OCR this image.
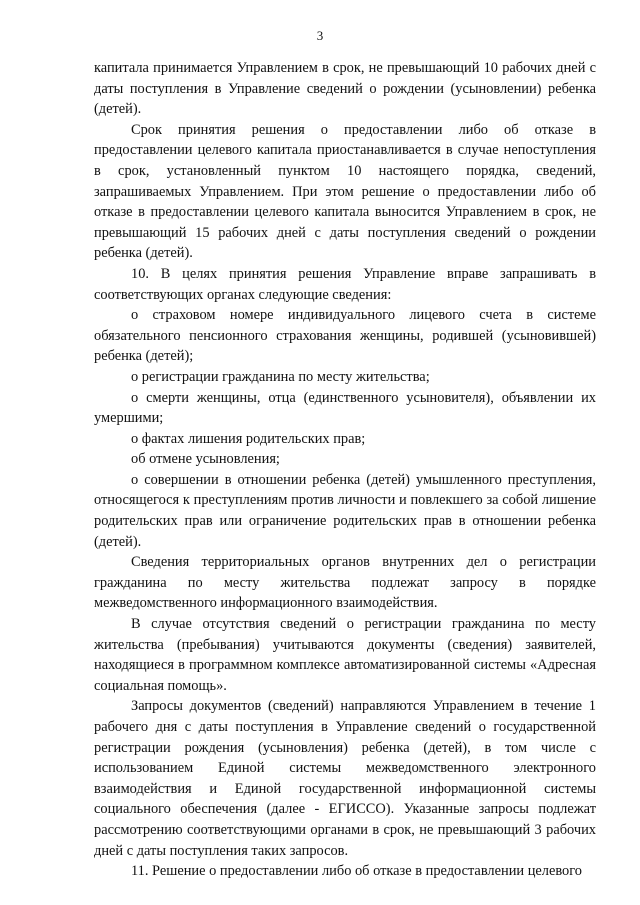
3

капитала принимается Управлением в срок, не превышающий 10 рабочих дней с даты поступления в Управление сведений о рождении (усыновлении) ребенка (детей).

Срок принятия решения о предоставлении либо об отказе в предоставлении целевого капитала приостанавливается в случае непоступления в срок, установленный пунктом 10 настоящего порядка, сведений, запрашиваемых Управлением. При этом решение о предоставлении либо об отказе в предоставлении целевого капитала выносится Управлением в срок, не превышающий 15 рабочих дней с даты поступления сведений о рождении ребенка (детей).

10. В целях принятия решения Управление вправе запрашивать в соответствующих органах следующие сведения:

о страховом номере индивидуального лицевого счета в системе обязательного пенсионного страхования женщины, родившей (усыновившей) ребенка (детей);

о регистрации гражданина по месту жительства;

о смерти женщины, отца (единственного усыновителя), объявлении их умершими;

о фактах лишения родительских прав;

об отмене усыновления;

о совершении в отношении ребенка (детей) умышленного преступления, относящегося к преступлениям против личности и повлекшего за собой лишение родительских прав или ограничение родительских прав в отношении ребенка (детей).

Сведения территориальных органов внутренних дел о регистрации гражданина по месту жительства подлежат запросу в порядке межведомственного информационного взаимодействия.

В случае отсутствия сведений о регистрации гражданина по месту жительства (пребывания) учитываются документы (сведения) заявителей, находящиеся в программном комплексе автоматизированной системы «Адресная социальная помощь».

Запросы документов (сведений) направляются Управлением в течение 1 рабочего дня с даты поступления в Управление сведений о государственной регистрации рождения (усыновления) ребенка (детей), в том числе с использованием Единой системы межведомственного электронного взаимодействия и Единой государственной информационной системы социального обеспечения (далее - ЕГИССО). Указанные запросы подлежат рассмотрению соответствующими органами в срок, не превышающий 3 рабочих дней с даты поступления таких запросов.

11. Решение о предоставлении либо об отказе в предоставлении целевого
